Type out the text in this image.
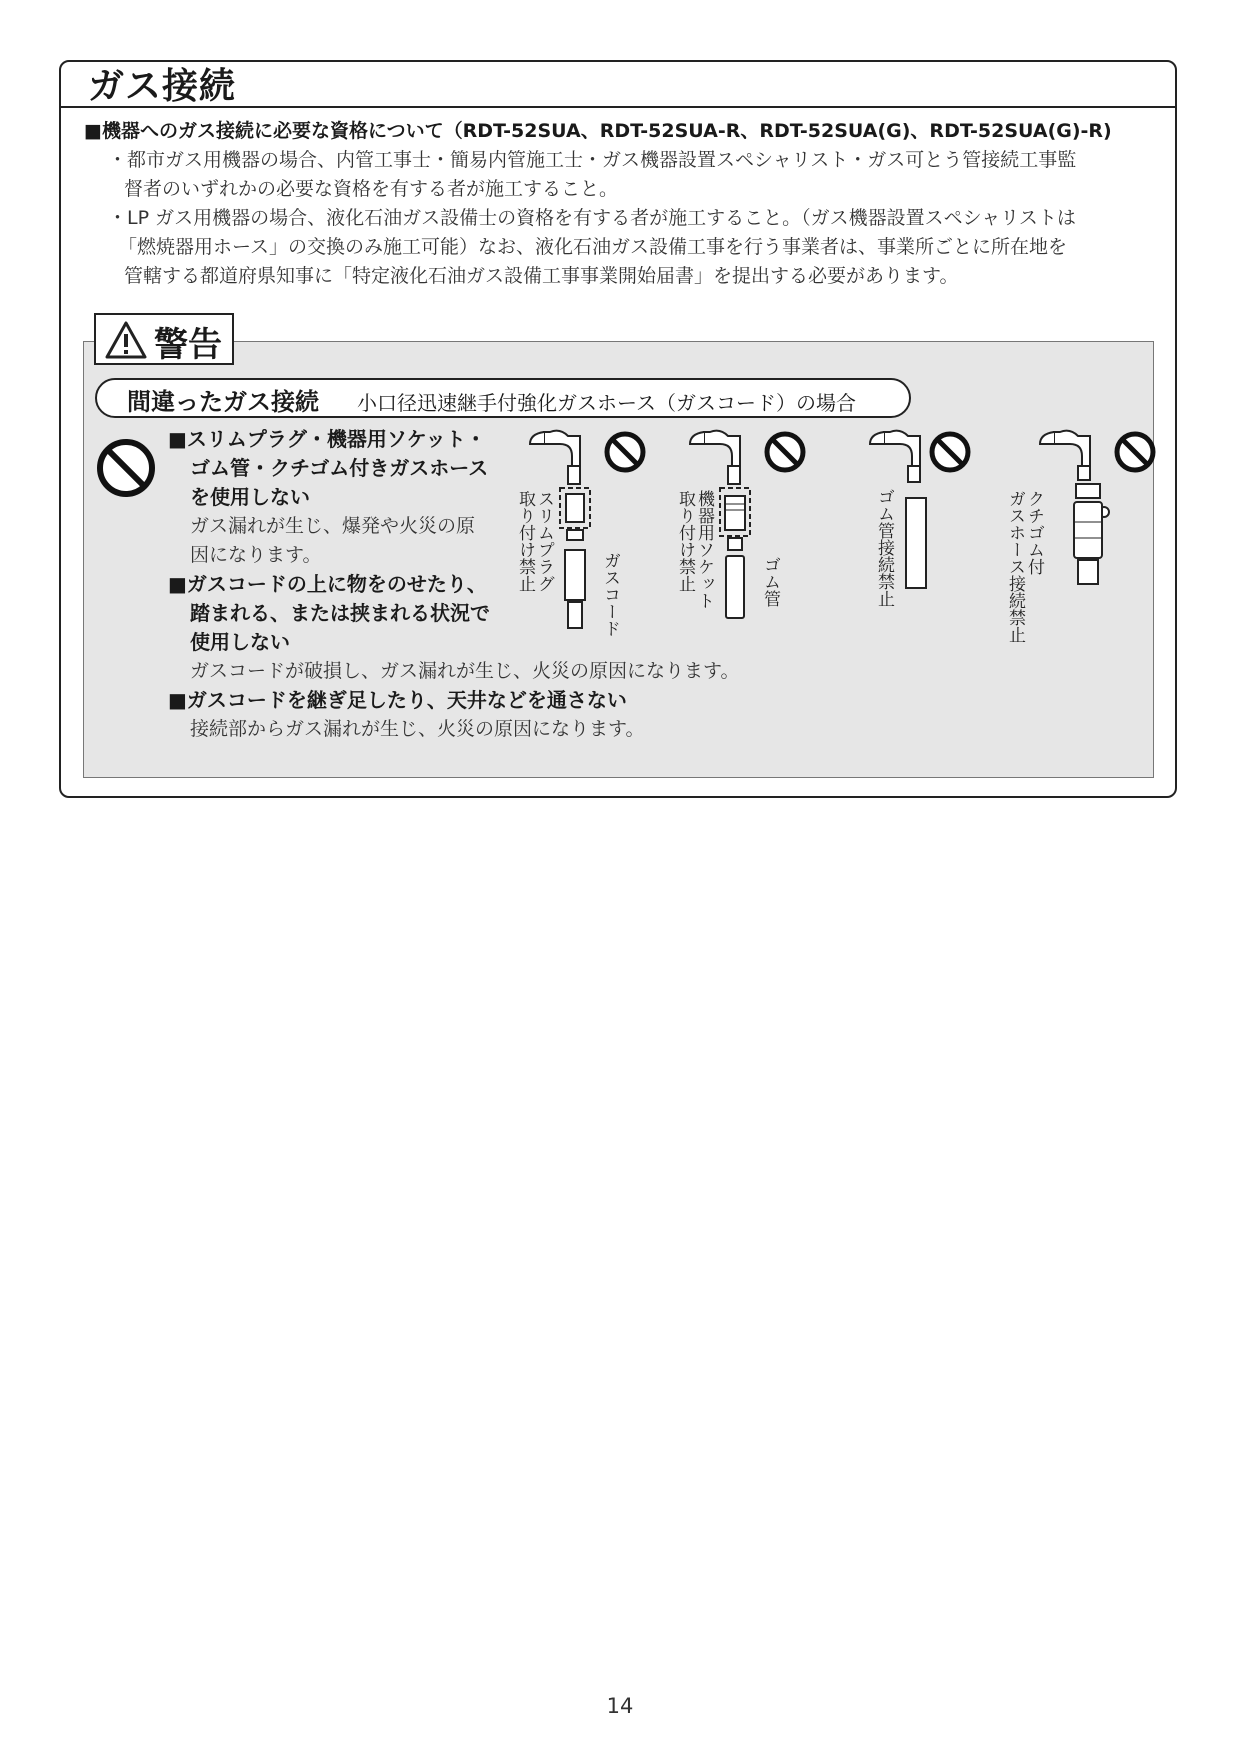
ガス接続
■機器へのガス接続に必要な資格について（RDT-52SUA、RDT-52SUA-R、RDT-52SUA(G)、RDT-52SUA(G)-R)
・都市ガス用機器の場合、内管工事士・簡易内管施工士・ガス機器設置スペシャリスト・ガス可とう管接続工事監
督者のいずれかの必要な資格を有する者が施工すること。
・LP ガス用機器の場合、液化石油ガス設備士の資格を有する者が施工すること。（ガス機器設置スペシャリストは
「燃焼器用ホース」の交換のみ施工可能）なお、液化石油ガス設備工事を行う事業者は、事業所ごとに所在地を
管轄する都道府県知事に「特定液化石油ガス設備工事事業開始届書」を提出する必要があります。
警告
間違ったガス接続 小口径迅速継手付強化ガスホース（ガスコード）の場合
■スリムプラグ・機器用ソケット・
ゴム管・クチゴム付きガスホース
を使用しない
ガス漏れが生じ、爆発や火災の原
因になります。
■ガスコードの上に物をのせたり、
踏まれる、または挟まれる状況で
使用しない
ガスコードが破損し、ガス漏れが生じ、火災の原因になります。
■ガスコードを継ぎ足したり、天井などを通さない
接続部からガス漏れが生じ、火災の原因になります。
取り付け禁止 スリムプラグ
ガスコード
取り付け禁止 機器用ソケット	ゴム管	ゴム管接続禁止	ガスホース接続禁止 クチゴム付
14
